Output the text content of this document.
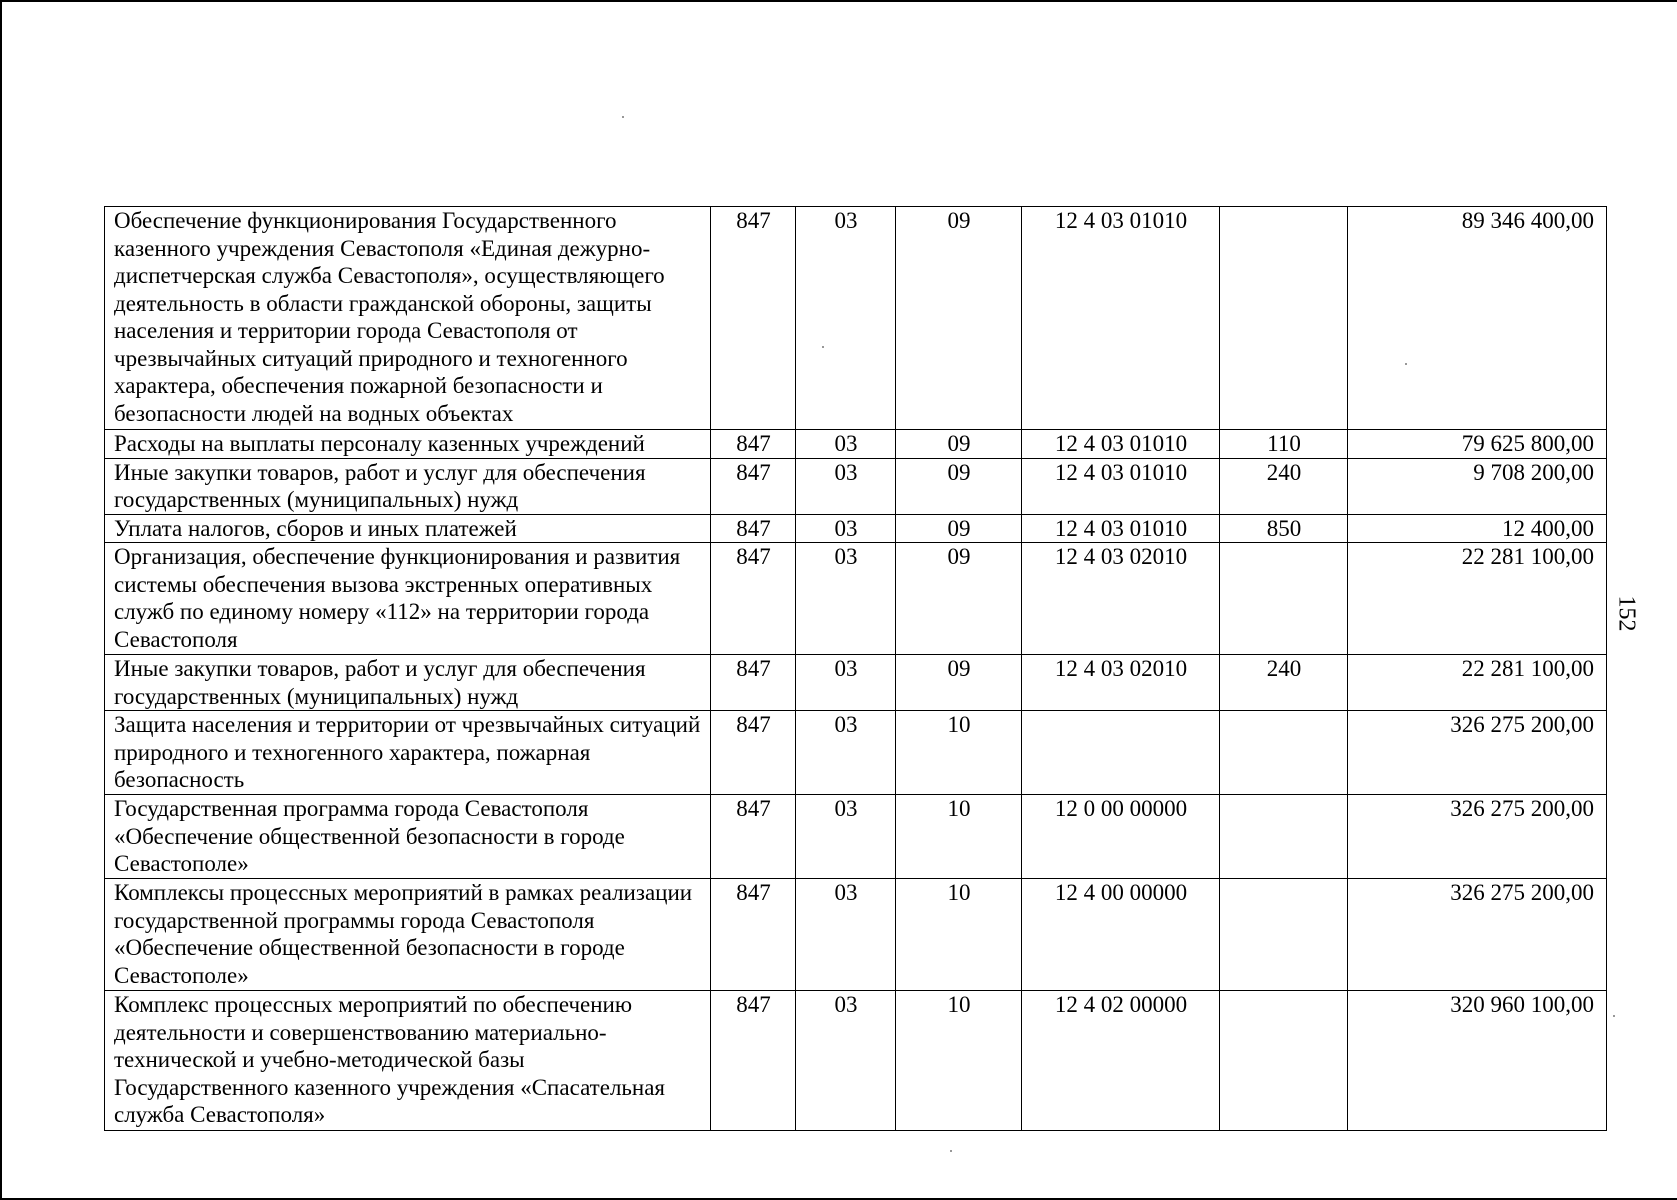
Обеспечение функционирования Государственного казенного учреждения Севастополя «Единая дежурно-диспетчерская служба Севастополя», осуществляющего деятельность в области гражданской обороны, защиты населения и территории города Севастополя от чрезвычайных ситуаций природного и техногенного характера, обеспечения пожарной безопасности и безопасности людей на водных объектах	847	03	09	12 4 03 01010		89 346 400,00
Расходы на выплаты персоналу казенных учреждений	847	03	09	12 4 03 01010	110	79 625 800,00
Иные закупки товаров, работ и услуг для обеспечения государственных (муниципальных) нужд	847	03	09	12 4 03 01010	240	9 708 200,00
Уплата налогов, сборов и иных платежей	847	03	09	12 4 03 01010	850	12 400,00
Организация, обеспечение функционирования и развития системы обеспечения вызова экстренных оперативных служб по единому номеру «112» на территории города Севастополя	847	03	09	12 4 03 02010		22 281 100,00
Иные закупки товаров, работ и услуг для обеспечения государственных (муниципальных) нужд	847	03	09	12 4 03 02010	240	22 281 100,00
Защита населения и территории от чрезвычайных ситуаций природного и техногенного характера, пожарная безопасность	847	03	10			326 275 200,00
Государственная программа города Севастополя «Обеспечение общественной безопасности в городе Севастополе»	847	03	10	12 0 00 00000		326 275 200,00
Комплексы процессных мероприятий в рамках реализации государственной программы города Севастополя «Обеспечение общественной безопасности в городе Севастополе»	847	03	10	12 4 00 00000		326 275 200,00
Комплекс процессных мероприятий по обеспечению деятельности и совершенствованию материально-технической и учебно-методической базы Государственного казенного учреждения «Спасательная служба Севастополя»	847	03	10	12 4 02 00000		320 960 100,00
152
